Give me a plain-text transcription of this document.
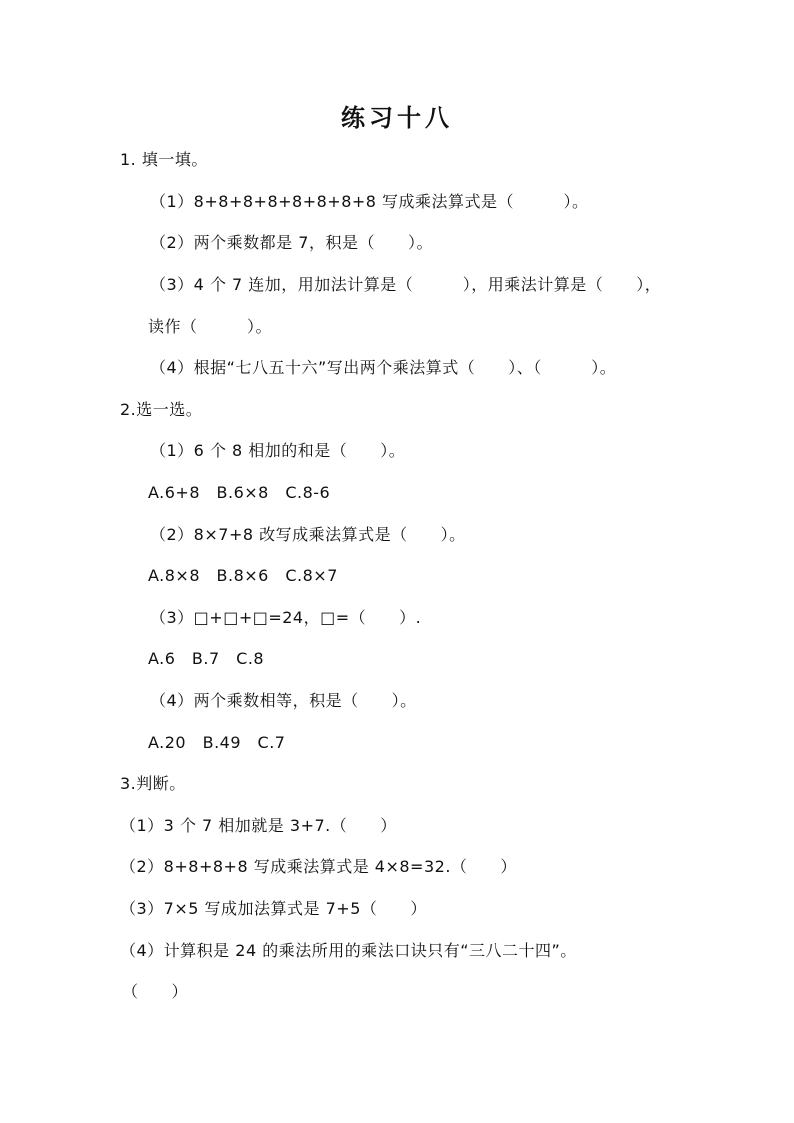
练习十八
1. 填一填。
（1）8+8+8+8+8+8+8+8 写成乘法算式是（　　　）。
（2）两个乘数都是 7，积是（　　）。
（3）4 个 7 连加，用加法计算是（　　　），用乘法计算是（　　），
读作（　　　）。
（4）根据“七八五十六”写出两个乘法算式（　　）、（　　　）。
2.选一选。
（1）6 个 8 相加的和是（　　）。
A.6+8　B.6×8　C.8-6
（2）8×7+8 改写成乘法算式是（　　）。
A.8×8　B.8×6　C.8×7
（3）□+□+□=24，□=（　　）.
A.6　B.7　C.8
（4）两个乘数相等，积是（　　）。
A.20　B.49　C.7
3.判断。
（1）3 个 7 相加就是 3+7.（　　）
（2）8+8+8+8 写成乘法算式是 4×8=32.（　　）
（3）7×5 写成加法算式是 7+5（　　）
（4）计算积是 24 的乘法所用的乘法口诀只有“三八二十四”。
（　　）
